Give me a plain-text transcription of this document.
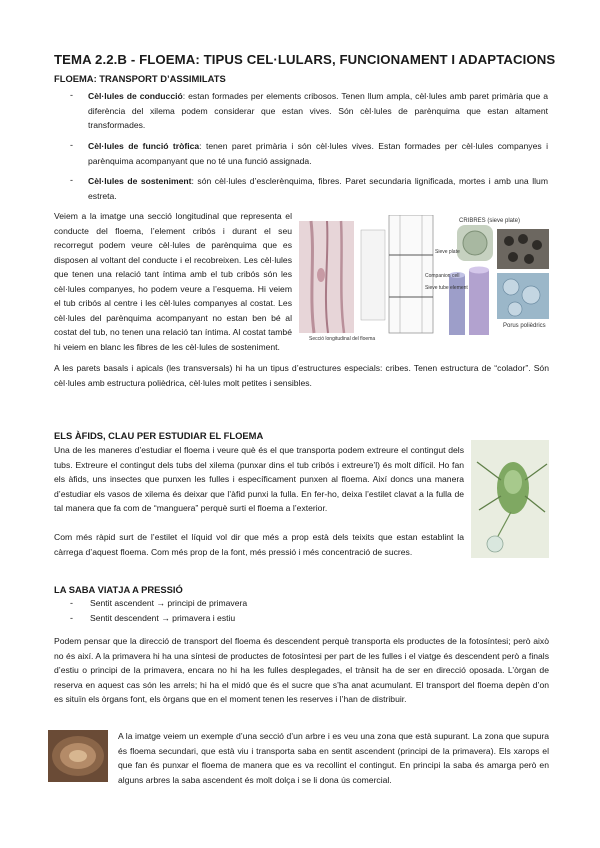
TEMA 2.2.B - FLOEMA: TIPUS CEL·LULARS, FUNCIONAMENT I ADAPTACIONS
FLOEMA: TRANSPORT D’ASSIMILATS
- Cèl·lules de conducció: estan formades per elements cribosos. Tenen llum ampla, cèl·lules amb paret primària que a diferència del xilema podem considerar que estan vives. Són cèl·lules de parènquima que estan altament transformades.
- Cèl·lules de funció tròfica: tenen paret primària i són cèl·lules vives. Estan formades per cèl·lules companyes i parènquima acompanyant que no té una funció assignada.
- Cèl·lules de sosteniment: són cèl·lules d’esclerènquima, fibres. Paret secundaria lignificada, mortes i amb una llum estreta.
Veiem a la imatge una secció longitudinal que representa el conducte del floema, l’element cribós i durant el seu recorregut podem veure cèl·lules de parènquima que es disposen al voltant del conducte i el recobreixen. Les cèl·lules que tenen una relació tant íntima amb el tub cribós són les cèl·lules companyes, ho podem veure a l’esquema. Hi veiem el tub cribós al centre i les cèl·lules companyes al costat. Les cèl·lules del parènquima acompanyant no estan ben bé al costat del tub, no tenen una relació tan íntima. Al costat també hi veiem en blanc les fibres de les cèl·lules de sosteniment.
CRIBRES (sieve plate)
Porus polièdrics
Secció longitudinal del floema
Sieve plate
Companion cell
Sieve tube element
A les parets basals i apicals (les transversals) hi ha un tipus d’estructures especials: cribes. Tenen estructura de “colador”. Són cèl·lules amb estructura polièdrica, cèl·lules molt petites i sensibles.
ELS ÀFIDS, CLAU PER ESTUDIAR EL FLOEMA
Una de les maneres d’estudiar el floema i veure què és el que transporta podem extreure el contingut dels tubs. Extreure el contingut dels tubs del xilema (punxar dins el tub cribós i extreure’l) és molt difícil. Ho fan els àfids, uns insectes que punxen les fulles i específicament punxen al floema. Així doncs una manera d’estudiar els vasos de xilema és deixar que l’àfid punxi la fulla. En fer-ho, deixa l’estilet clavat a la fulla de tal manera que fa com de “manguera” perquè surti el floema a l’exterior.
Com més ràpid surt de l’estilet el líquid vol dir que més a prop està dels teixits que estan establint la càrrega d’aquest floema. Com més prop de la font, més pressió i més concentració de sucres.
LA SABA VIATJA A PRESSIÓ
- Sentit ascendent → principi de primavera
- Sentit descendent → primavera i estiu
Podem pensar que la direcció de transport del floema és descendent perquè transporta els productes de la fotosíntesi; però això no és així. A la primavera hi ha una síntesi de productes de fotosíntesi per part de les fulles i el viatge és descendent però a finals d’estiu o principi de la primavera, encara no hi ha les fulles desplegades, el trànsit ha de ser en direcció oposada. L’òrgan de reserva en aquest cas són les arrels; hi ha el midó que és el sucre que s’ha anat acumulant. El transport del floema depèn d’on es situïn els òrgans font, els òrgans que en el moment tenen les reserves i l’han de distribuir.
A la imatge veiem un exemple d’una secció d’un arbre i es veu una zona que està supurant. La zona que supura és floema secundari, que està viu i transporta saba en sentit ascendent (principi de la primavera). Els xarops el que fan és punxar el floema de manera que es va recollint el contingut. En principi la saba és amarga però en alguns arbres la saba ascendent és molt dolça i se li dona ús comercial.
